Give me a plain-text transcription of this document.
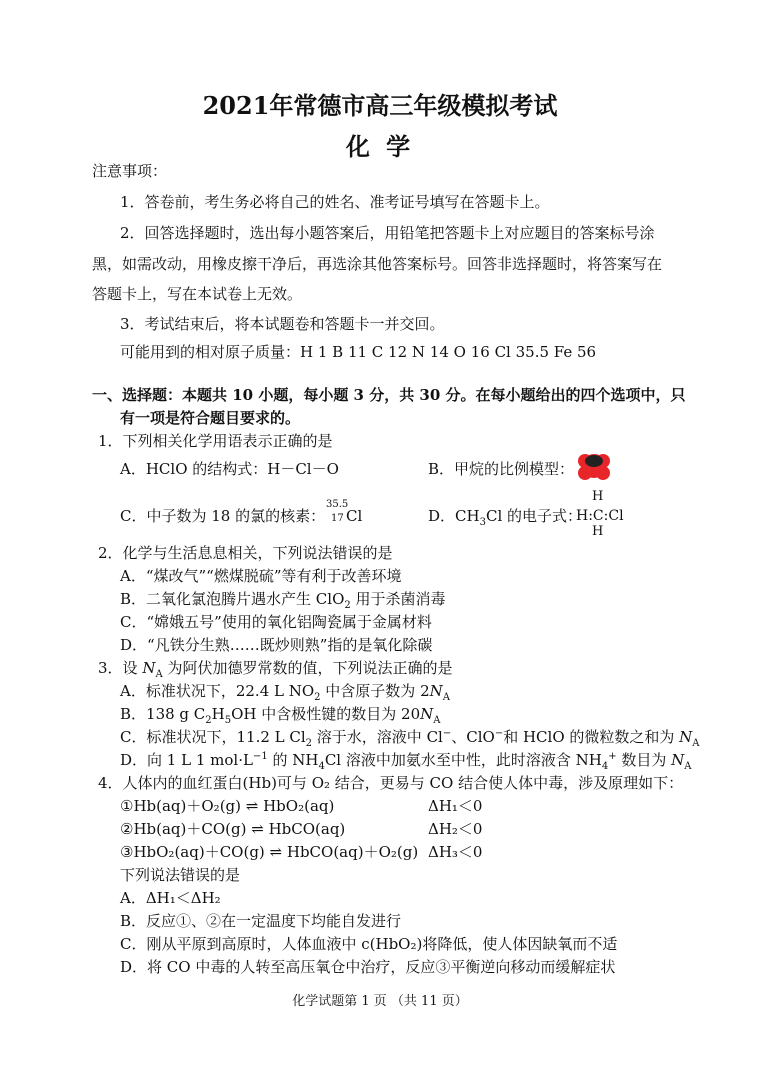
2021年常德市高三年级模拟考试
化 学
注意事项：
1．答卷前，考生务必将自己的姓名、准考证号填写在答题卡上。
2．回答选择题时，选出每小题答案后，用铅笔把答题卡上对应题目的答案标号涂
黑，如需改动，用橡皮擦干净后，再选涂其他答案标号。回答非选择题时，将答案写在
答题卡上，写在本试卷上无效。
3．考试结束后，将本试题卷和答题卡一并交回。
可能用到的相对原子质量：H 1 B 11 C 12 N 14 O 16 Cl 35.5 Fe 56
一、选择题：本题共 10 小题，每小题 3 分，共 30 分。在每小题给出的四个选项中，只
有一项是符合题目要求的。
1．下列相关化学用语表示正确的是
A．HClO 的结构式：H－Cl－O	B．甲烷的比例模型：
C．中子数为 18 的氯的核素：
35.5
17 Cl	D．$CH_3Cl$ 的电子式：
H
H:C:Cl
H
2．化学与生活息息相关，下列说法错误的是
A．“煤改气”“燃煤脱硫”等有利于改善环境
B．二氧化氯泡腾片遇水产生 ClO$_2$ 用于杀菌消毒
C．“嫦娥五号”使用的氧化铝陶瓷属于金属材料
D．“凡铁分生熟……既炒则熟”指的是氧化除碳
3．设 $N_A$ 为阿伏加德罗常数的值，下列说法正确的是
A．标准状况下，22.4 L $NO_2$ 中含原子数为 $2N_A$
B．138 g $C_2H_5OH$ 中含极性键的数目为 $20N_A$
C．标准状况下，11.2 L $Cl_2$ 溶于水，溶液中 Cl−、ClO−和 HClO 的微粒数之和为 $N_A$
D．向 1 L 1 $mol\cdot L^{-1}$ 的 $NH_4Cl$ 溶液中加氨水至中性，此时溶液含 $NH_4^+$ 数目为 $N_A$
4．人体内的血红蛋白(Hb)可与 O₂ 结合，更易与 CO 结合使人体中毒，涉及原理如下：
①Hb(aq)＋O₂(g) ⇌ HbO₂(aq)	ΔH₁＜0
②Hb(aq)＋CO(g) ⇌ HbCO(aq)	ΔH₂＜0
③HbO₂(aq)＋CO(g) ⇌ HbCO(aq)＋O₂(g) ΔH₃＜0
下列说法错误的是
A．ΔH₁＜ΔH₂
B．反应①、②在一定温度下均能自发进行
C．刚从平原到高原时，人体血液中 c(HbO₂)将降低，使人体因缺氧而不适
D．将 CO 中毒的人转至高压氧仓中治疗，反应③平衡逆向移动而缓解症状
化学试题第 1 页 （共 11 页）
